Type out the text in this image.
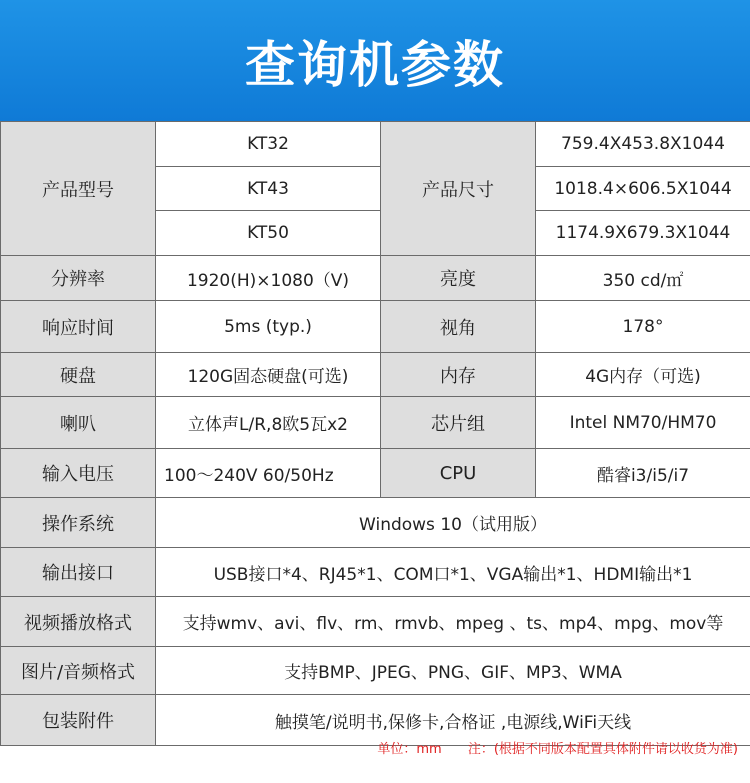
查询机参数
产品型号	KT32	产品尺寸	759.4X453.8X1044
	KT43		1018.4×606.5X1044
	KT50		1174.9X679.3X1044
分辨率	1920(H)×1080（V)	亮度	350 cd/㎡
响应时间	5ms (typ.)	视角	178°
硬盘	120G固态硬盘(可选)	内存	4G内存（可选)
喇叭	立体声L/R,8欧5瓦x2	芯片组	Intel NM70/HM70
输入电压	100～240V 60/50Hz	CPU	酷睿i3/i5/i7
操作系统	Windows 10（试用版）		
输出接口	USB接口*4、RJ45*1、COM口*1、VGA输出*1、HDMI输出*1		
视频播放格式	支持wmv、avi、flv、rm、rmvb、mpeg 、ts、mp4、mpg、mov等		
图片/音频格式	支持BMP、JPEG、PNG、GIF、MP3、WMA		
包装附件	触摸笔/说明书,保修卡,合格证 ,电源线,WiFi天线		
单位：mm 注：(根据不同版本配置具体附件请以收货为准)
